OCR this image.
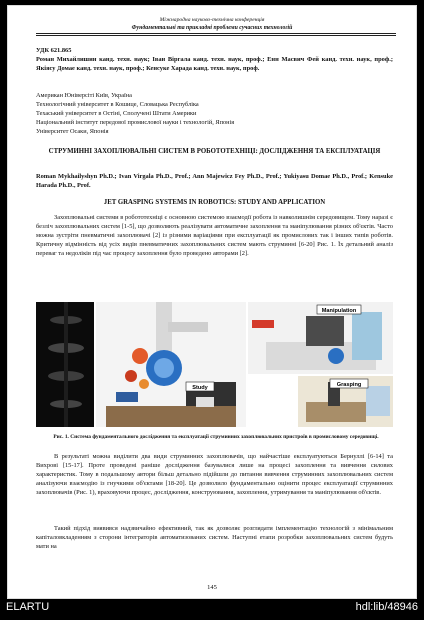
Міжнародна науково-технічна конференція
Фундаментальні та прикладні проблеми сучасних технологій
УДК 621.865
Роман Михайлишин канд. техн. наук; Іван Віргала канд. техн. наук, проф.; Енн Масвич Фей канд. техн. наук, проф.; Якіясу Домае канд. техн. наук, проф.; Кенсуке Харада канд. техн. наук, проф.
Американ Юніверсіті Київ, Україна
Технологічний університет в Кошице, Словацька Республіка
Техаський університет в Остіні, Сполучені Штати Америки
Національний інститут передової промислової науки і технологій, Японія
Університет Осаки, Японія
СТРУМИННІ ЗАХОПЛЮВАЛЬНІ СИСТЕМ В РОБОТОТЕХНІЦІ: ДОСЛІДЖЕННЯ ТА ЕКСПЛУАТАЦІЯ
Roman Mykhailyshyn Ph.D.; Ivan Virgala Ph.D., Prof.; Ann Majewicz Fey Ph.D., Prof.; Yukiyasu Domae Ph.D., Prof.; Kensuke Harada Ph.D., Prof.
JET GRASPING SYSTEMS IN ROBOTICS: STUDY AND APPLICATION
Захоплювальні системи в робототехніці є основною системою взаємодії робота із навколишнім середовищем. Тому наразі є безліч захоплювальних систем [1-5], що дозволяють реалізувати автоматичне захоплення та маніпулювання різних об'єктів. Часто можна зустріти пневматичні захоплювачі [2] із різними варіаціями при експлуатації як промислових так і інших типів роботів. Критичну відмінність від усіх видів пневматичних захоплювальних систем мають струминні [6-20] Рис. 1. Їх детальний аналіз переваг та недоліків під час процесу захоплення було проведено авторами [2].
Manipulation
Study	Grasping
Рис. 1. Система фундаментального дослідження та експлуатації струминних захоплювальних пристроїв в промисловому середовищі.
В результаті можна виділити два види струминних захоплювачів, що найчастіше експлуатуються Бернуллі [6-14] та Вихрові [15-17]. Проте проведені раніше дослідження базувалися лише на процесі захоплення та вивчення силових характеристик. Тому в подальшому автори більш детально підійшли до питання вивчення струминних захоплювальних систем аналізуючи взаємодію із гнучкими об'єктами [18-20]. Це дозволило фундаментально оцінити процес експлуатації струминних захоплювачів (Рис. 1), враховуючи процес, дослідження, конструювання, захоплення, утримування та маніпулювання об'єктів.
Такий підхід виявився надзвичайно ефективний, так як дозволяє розглядати імплементацію технологій з мінімальним капіталовкладенням з сторони інтеграторів автоматизованих систем. Наступні етапи розробки захоплювальних систем будуть мати на
145
ELARTU	hdl:lib/48946
